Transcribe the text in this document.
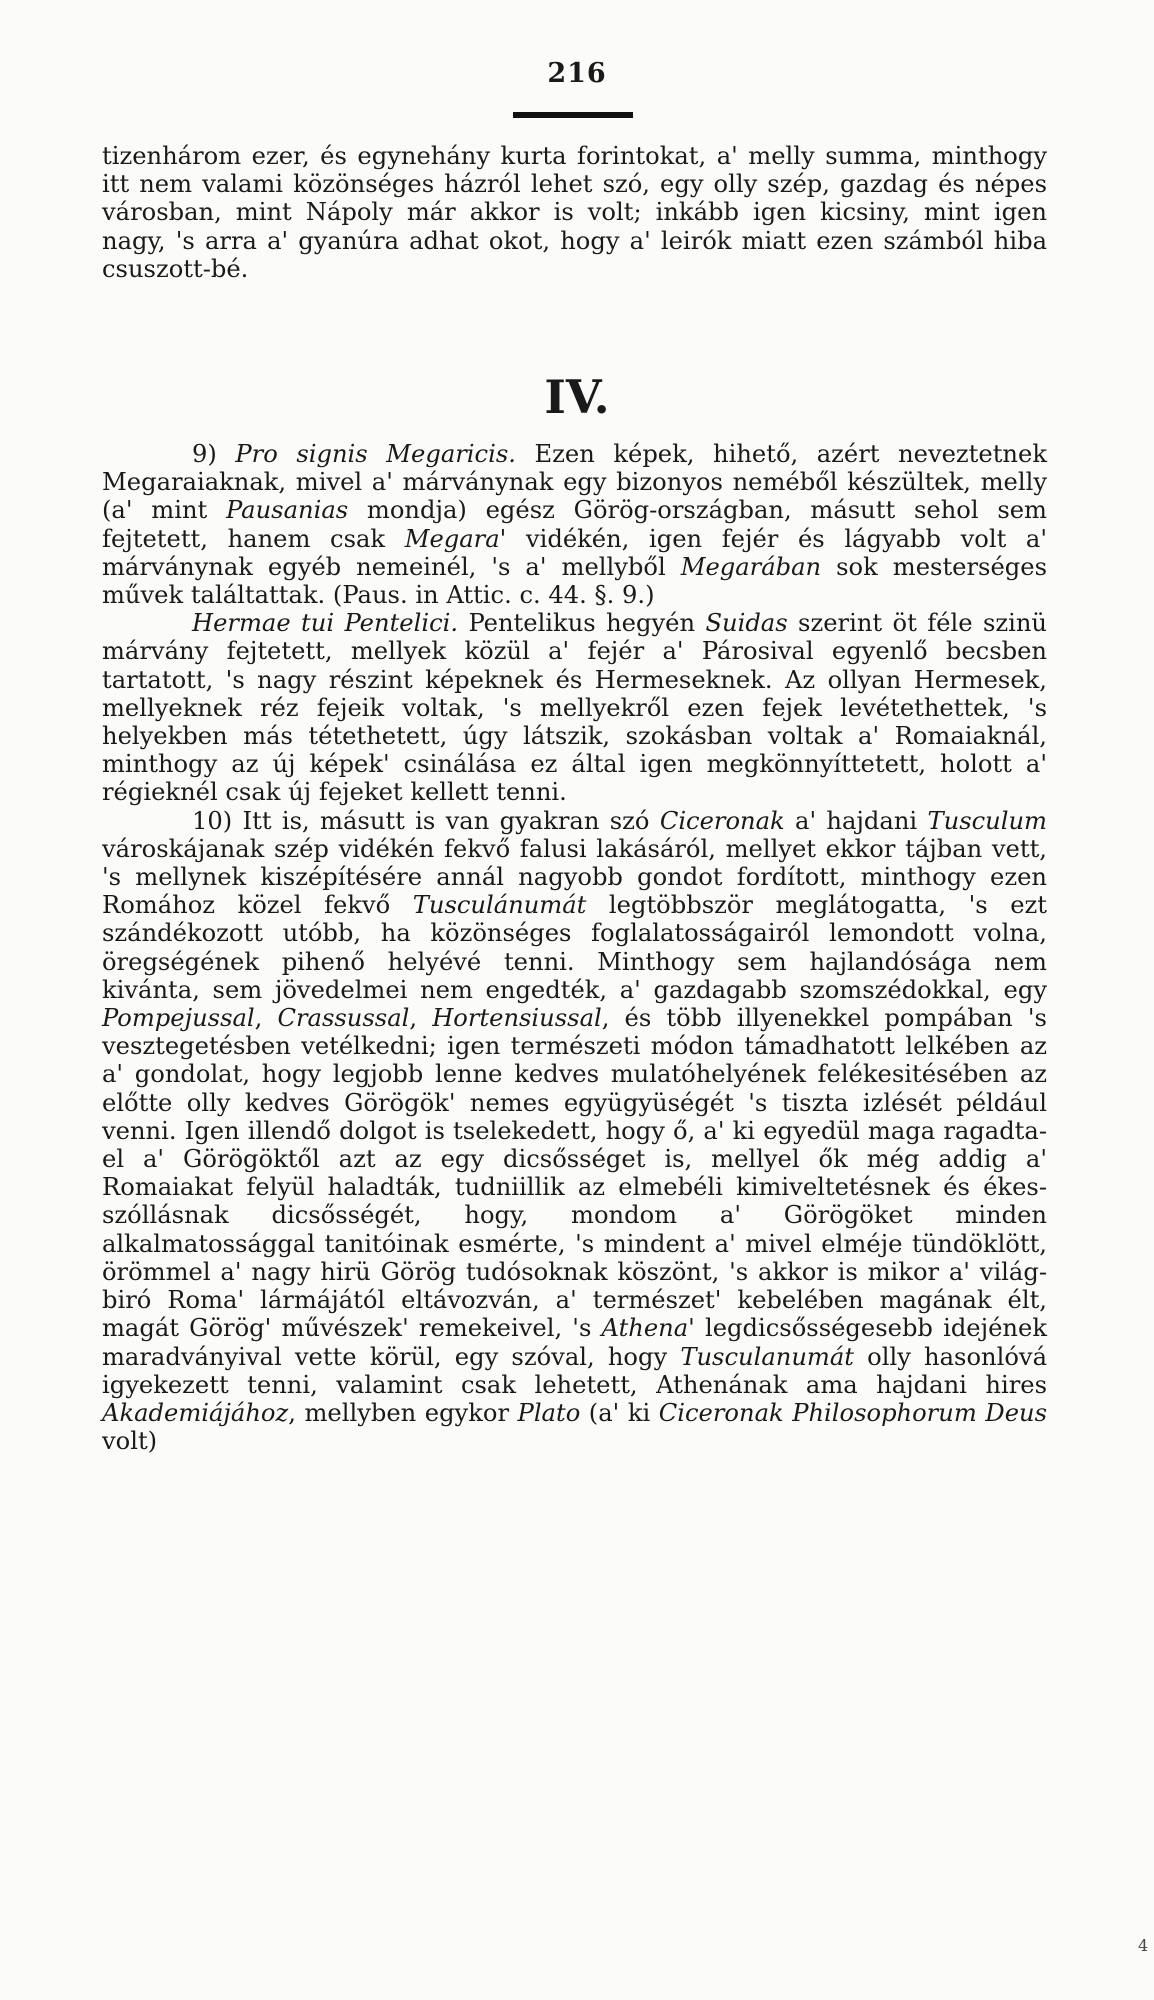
216

tizenhárom ezer, és egynehány kurta forintokat, a' melly summa, minthogy itt nem valami közönséges házról lehet szó, egy olly szép, gazdag és népes városban, mint Nápoly már akkor is volt; inkább igen kicsiny, mint igen nagy, 's arra a' gyanúra adhat okot, hogy a' leirók miatt ezen számból hiba csuszott-bé.

IV.

9) Pro signis Megaricis. Ezen képek, hihető, azért neveztetnek Megaraiaknak, mivel a' márványnak egy bizonyos neméből készültek, melly (a' mint Pausanias mondja) egész Görög-országban, másutt sehol sem fejtetett, hanem csak Megara' vidékén, igen fejér és lágyabb volt a' márványnak egyéb nemeinél, 's a' mellyből Megarában sok mesterséges művek találtattak. (Paus. in Attic. c. 44. §. 9.)

Hermae tui Pentelici. Pentelikus hegyén Suidas szerint öt féle szinü márvány fejtetett, mellyek közül a' fejér a' Párosival egyenlő becsben tartatott, 's nagy részint képeknek és Hermeseknek. Az ollyan Hermesek, mellyeknek réz fejeik voltak, 's mellyekről ezen fejek levétethettek, 's helyekben más tétethetett, úgy látszik, szokásban voltak a' Romaiaknál, minthogy az új képek' csinálása ez által igen megkönnyíttetett, holott a' régieknél csak új fejeket kellett tenni.

10) Itt is, másutt is van gyakran szó Ciceronak a' hajdani Tusculum városkájanak szép vidékén fekvő falusi lakásáról, mellyet ekkor tájban vett, 's mellynek kiszépítésére annál nagyobb gondot fordított, minthogy ezen Romához közel fekvő Tusculánumát legtöbbször meglátogatta, 's ezt szándékozott utóbb, ha közönséges foglalatosságairól lemondott volna, öregségének pihenő helyévé tenni. Minthogy sem hajlandósága nem kivánta, sem jövedelmei nem engedték, a' gazdagabb szomszédokkal, egy Pompejussal, Crassussal, Hortensiussal, és több illyenekkel pompában 's vesztegetésben vetélkedni; igen természeti módon támadhatott lelkében az a' gondolat, hogy legjobb lenne kedves mulatóhelyének felékesitésében az előtte olly kedves Görögök' nemes együgyüségét 's tiszta izlését például venni. Igen illendő dolgot is tselekedett, hogy ő, a' ki egyedül maga ragadta-el a' Görögöktől azt az egy dicsősséget is, mellyel ők még addig a' Romaiakat felyül haladták, tudniillik az elmebéli kimiveltetésnek és ékes-szóllásnak dicsősségét, hogy, mondom a' Görögöket minden alkalmatossággal tanitóinak esmérte, 's mindent a' mivel elméje tündöklött, örömmel a' nagy hirü Görög tudósoknak köszönt, 's akkor is mikor a' világ-biró Roma' lármájától eltávozván, a' természet' kebelében magának élt, magát Görög' művészek' remekeivel, 's Athena' legdicsősségesebb idejének maradványival vette körül, egy szóval, hogy Tusculanumát olly hasonlóvá igyekezett tenni, valamint csak lehetett, Athenának ama hajdani hires Akademiájához, mellyben egykor Plato (a' ki Ciceronak Philosophorum Deus volt)

4
